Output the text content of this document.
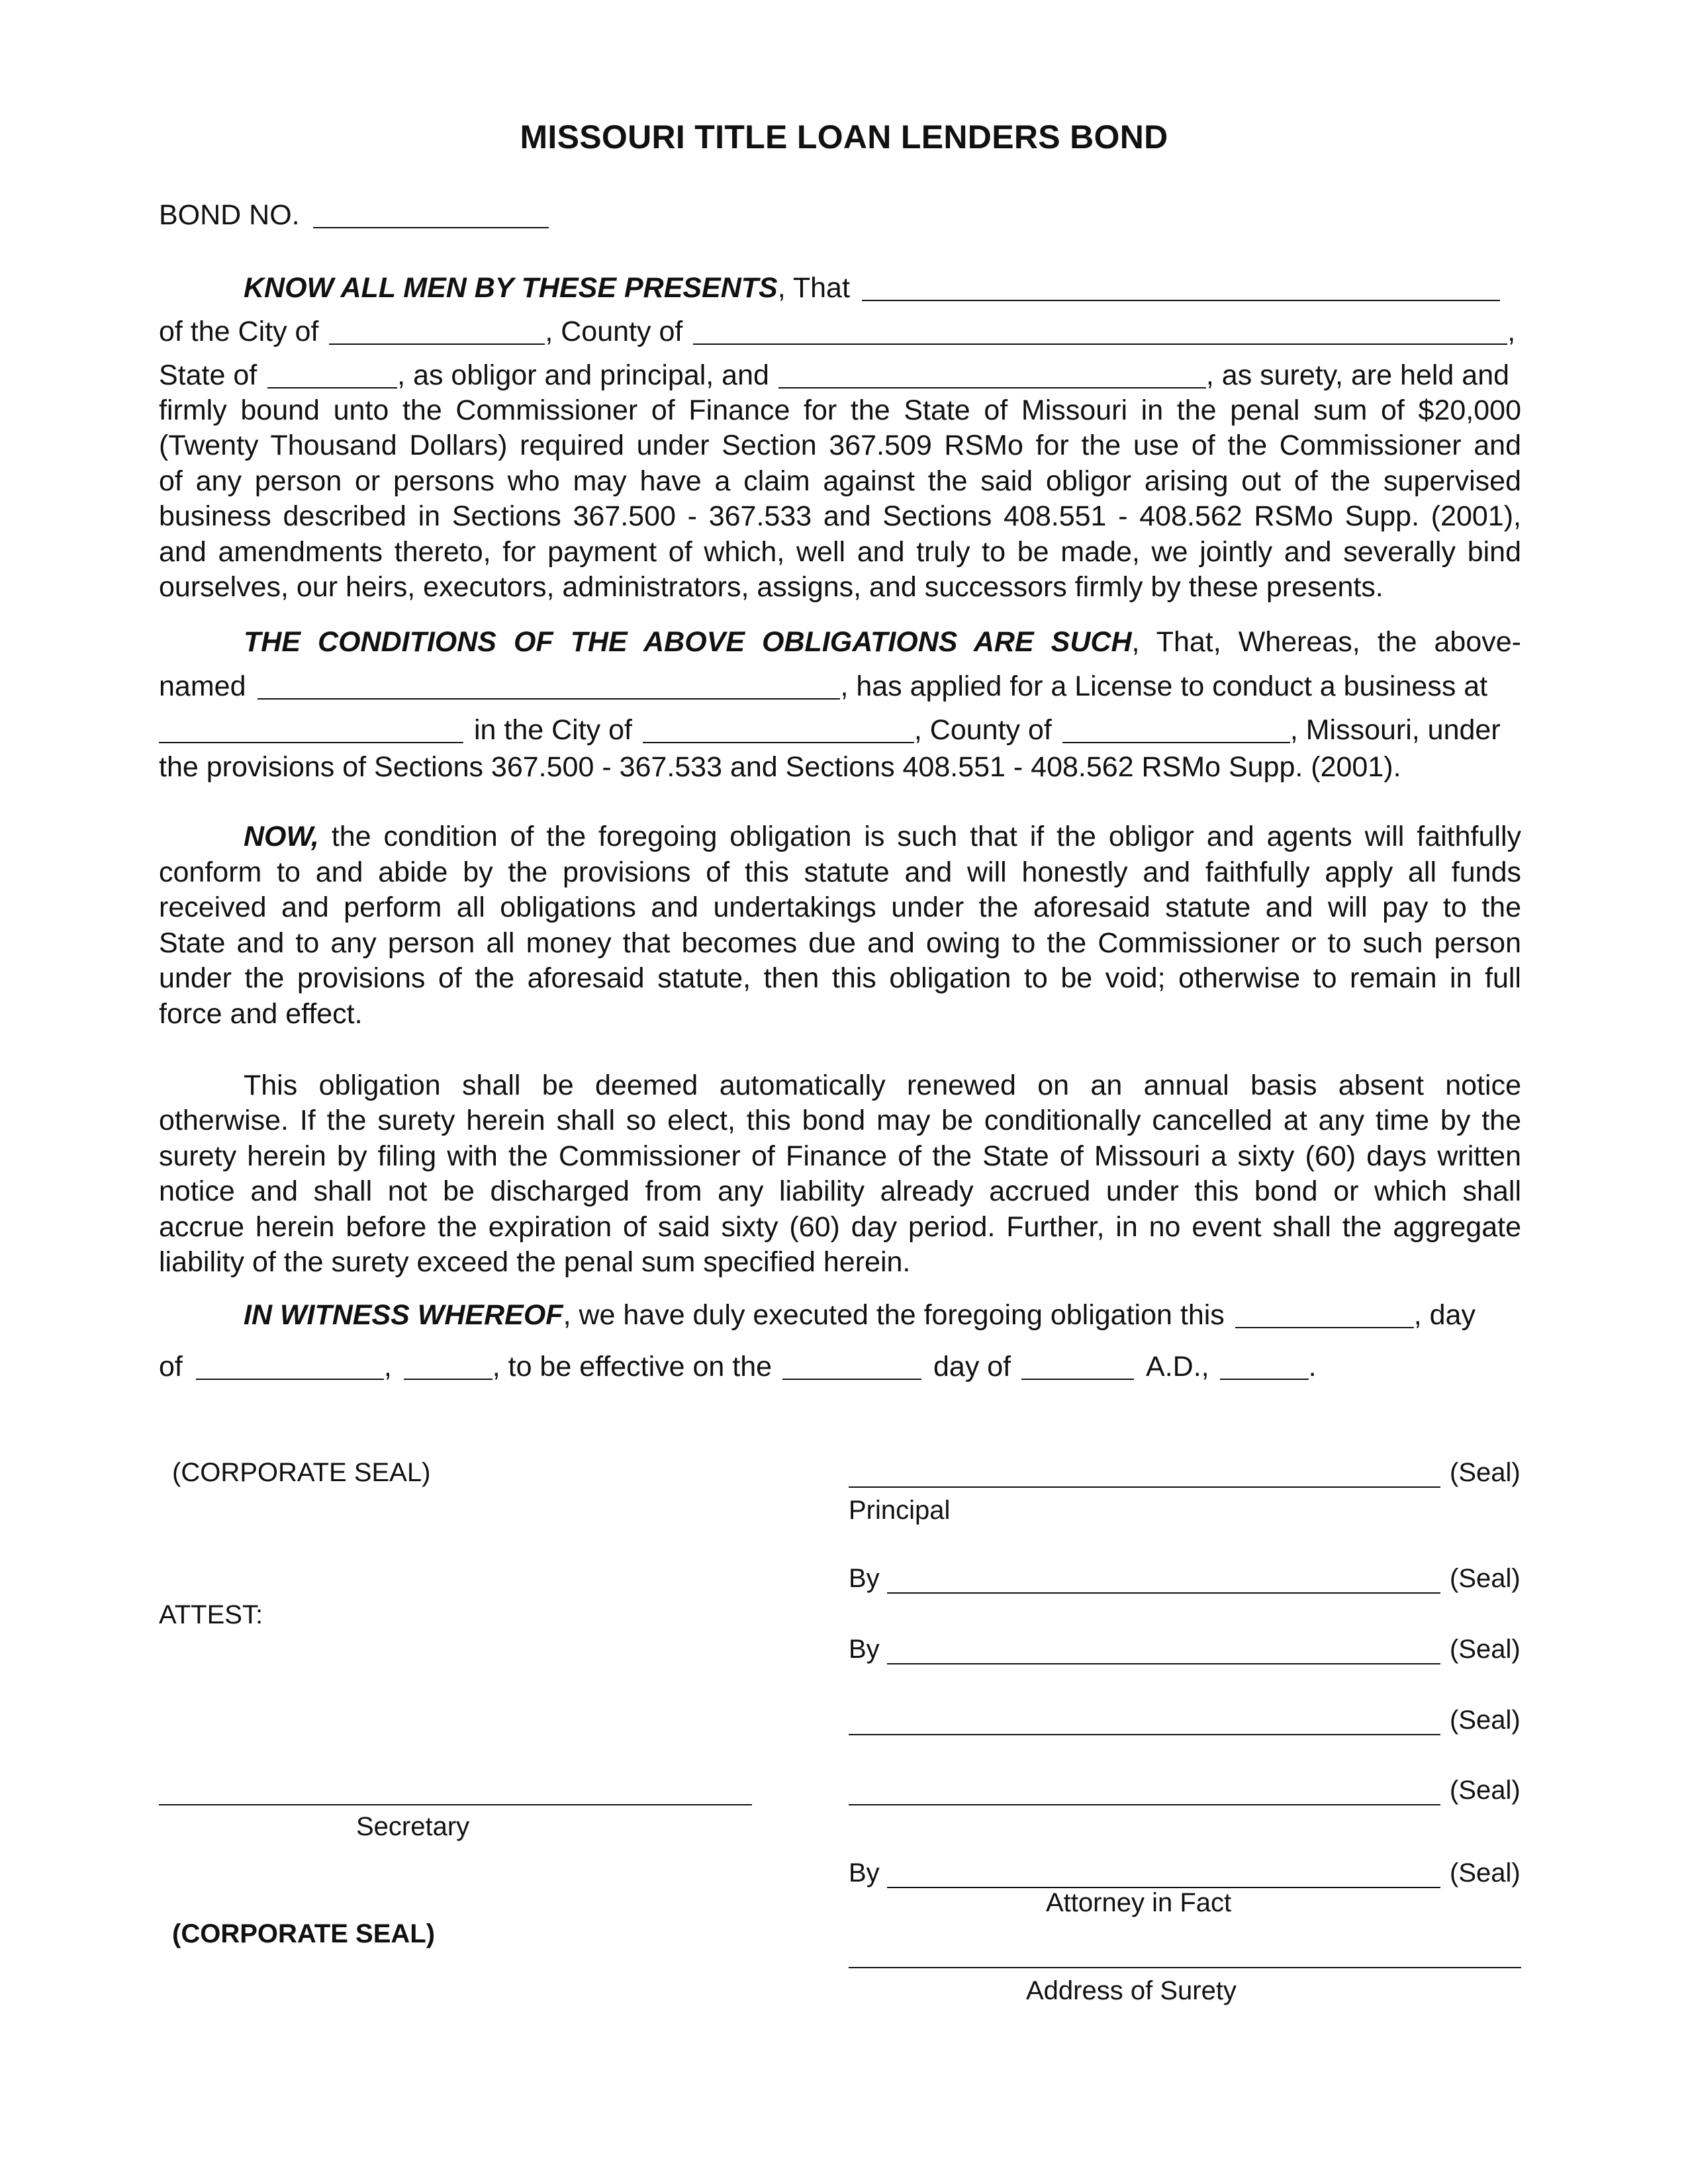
MISSOURI TITLE LOAN LENDERS BOND
BOND NO.
KNOW ALL MEN BY THESE PRESENTS, That
of the City of	, County of	,
State of	, as obligor and principal, and	, as surety, are held and
firmly bound unto the Commissioner of Finance for the State of Missouri in the penal sum of $20,000
(Twenty Thousand Dollars) required under Section 367.509 RSMo for the use of the Commissioner and
of any person or persons who may have a claim against the said obligor arising out of the supervised
business described in Sections 367.500 - 367.533 and Sections 408.551 - 408.562 RSMo Supp. (2001),
and amendments thereto, for payment of which, well and truly to be made, we jointly and severally bind
ourselves, our heirs, executors, administrators, assigns, and successors firmly by these presents.
THE CONDITIONS OF THE ABOVE OBLIGATIONS ARE SUCH, That, Whereas, the above-
named	, has applied for a License to conduct a business at
in the City of	, County of	, Missouri, under
the provisions of Sections 367.500 - 367.533 and Sections 408.551 - 408.562 RSMo Supp. (2001).
NOW, the condition of the foregoing obligation is such that if the obligor and agents will faithfully
conform to and abide by the provisions of this statute and will honestly and faithfully apply all funds
received and perform all obligations and undertakings under the aforesaid statute and will pay to the
State and to any person all money that becomes due and owing to the Commissioner or to such person
under the provisions of the aforesaid statute, then this obligation to be void; otherwise to remain in full
force and effect.
This obligation shall be deemed automatically renewed on an annual basis absent notice
otherwise. If the surety herein shall so elect, this bond may be conditionally cancelled at any time by the
surety herein by filing with the Commissioner of Finance of the State of Missouri a sixty (60) days written
notice and shall not be discharged from any liability already accrued under this bond or which shall
accrue herein before the expiration of said sixty (60) day period. Further, in no event shall the aggregate
liability of the surety exceed the penal sum specified herein.
IN WITNESS WHEREOF, we have duly executed the foregoing obligation this	, day
of	,	, to be effective on the	day of	A.D.,	.
(CORPORATE SEAL)
ATTEST:
Secretary
(CORPORATE SEAL)
(Seal)
Principal
By	(Seal)
By	(Seal)
(Seal)
(Seal)
By	(Seal)
Attorney in Fact
Address of Surety
